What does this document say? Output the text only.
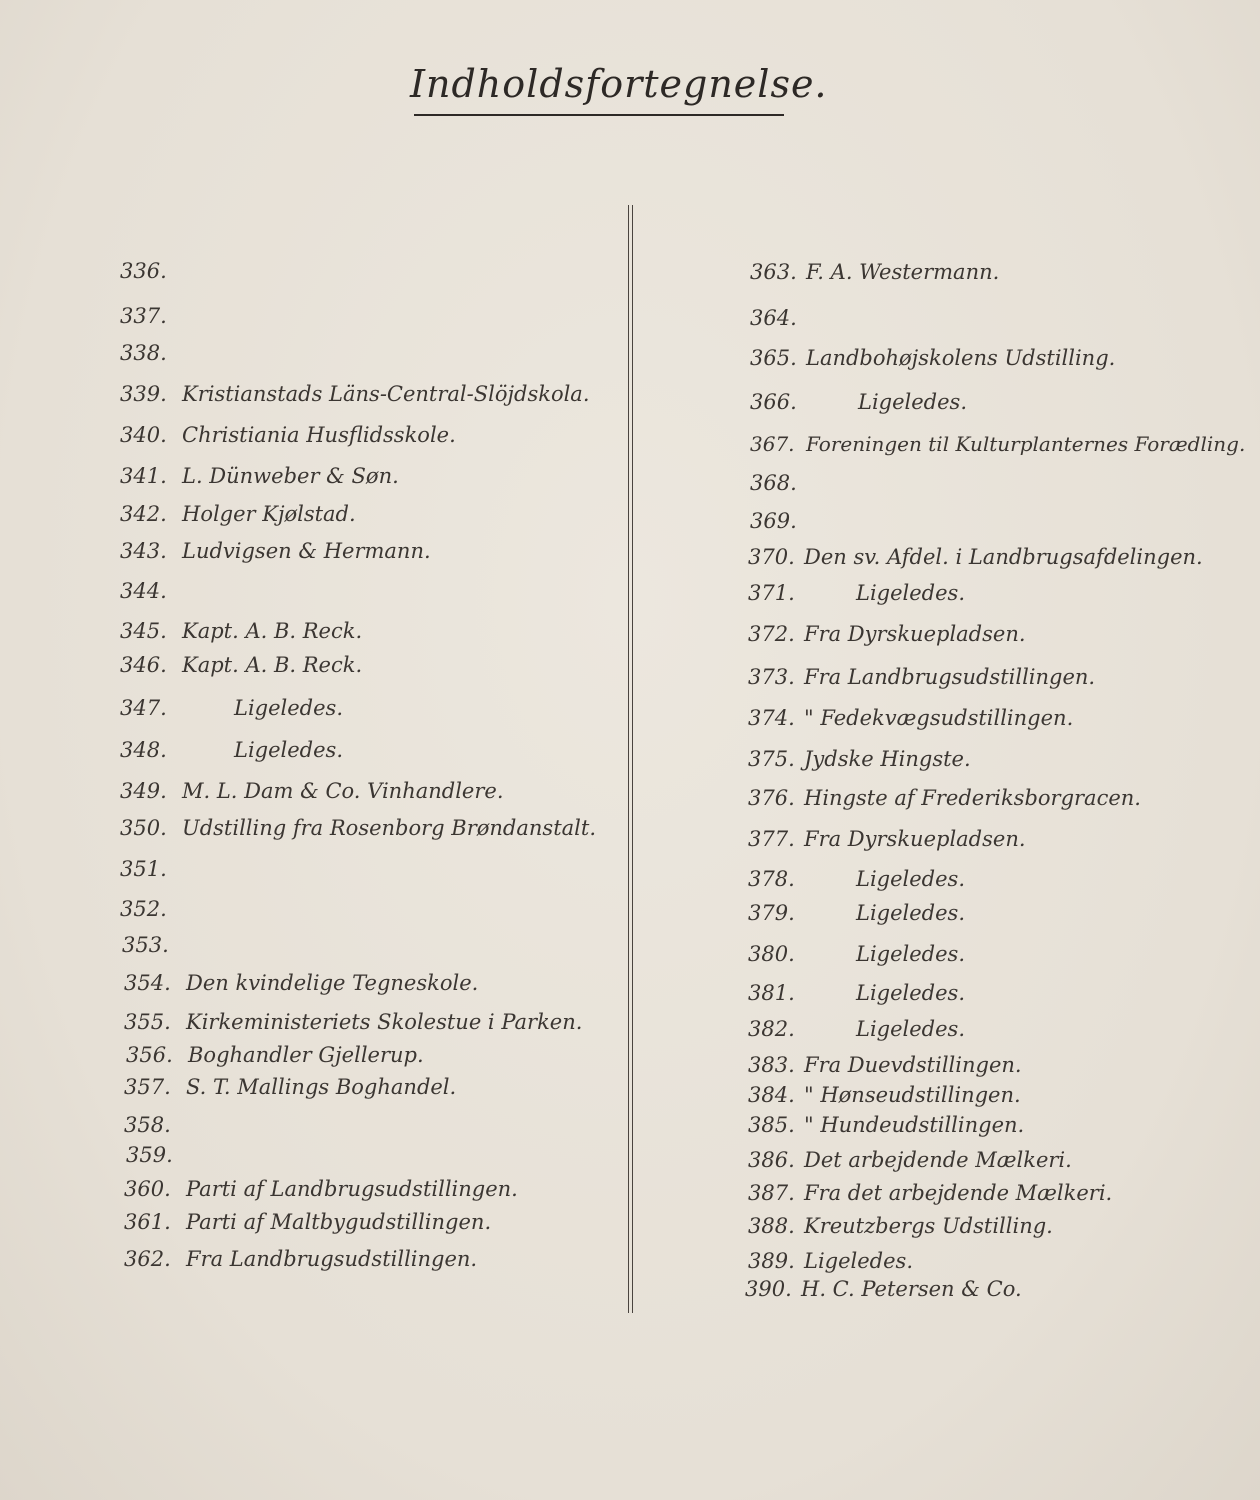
Indholdsfortegnelse.
336.
337.
338.
339. Kristianstads Läns-Central-Slöjdskola.
340. Christiania Husflidsskole.
341. L. Dünweber & Søn.
342. Holger Kjølstad.
343. Ludvigsen & Hermann.
344.
345. Kapt. A. B. Reck.
346. Kapt. A. B. Reck.
347.	Ligeledes.
348.	Ligeledes.
349. M. L. Dam & Co. Vinhandlere.
350. Udstilling fra Rosenborg Brøndanstalt.
351.
352.
353.
354. Den kvindelige Tegneskole.
355. Kirkeministeriets Skolestue i Parken.
356. Boghandler Gjellerup.
357. S. T. Mallings Boghandel.
358.
359.
360. Parti af Landbrugsudstillingen.
361. Parti af Maltbygudstillingen.
362. Fra Landbrugsudstillingen.
363. F. A. Westermann.
364.
365. Landbohøjskolens Udstilling.
366.	Ligeledes.
367. Foreningen til Kulturplanternes Forædling.
368.
369.
370. Den sv. Afdel. i Landbrugsafdelingen.
371.	Ligeledes.
372. Fra Dyrskuepladsen.
373. Fra Landbrugsudstillingen.
374. " Fedekvægsudstillingen.
375. Jydske Hingste.
376. Hingste af Frederiksborgracen.
377. Fra Dyrskuepladsen.
378.	Ligeledes.
379.	Ligeledes.
380.	Ligeledes.
381.	Ligeledes.
382.	Ligeledes.
383. Fra Duevdstillingen.
384. " Hønseudstillingen.
385. " Hundeudstillingen.
386. Det arbejdende Mælkeri.
387. Fra det arbejdende Mælkeri.
388. Kreutzbergs Udstilling.
389. Ligeledes.
390. H. C. Petersen & Co.
